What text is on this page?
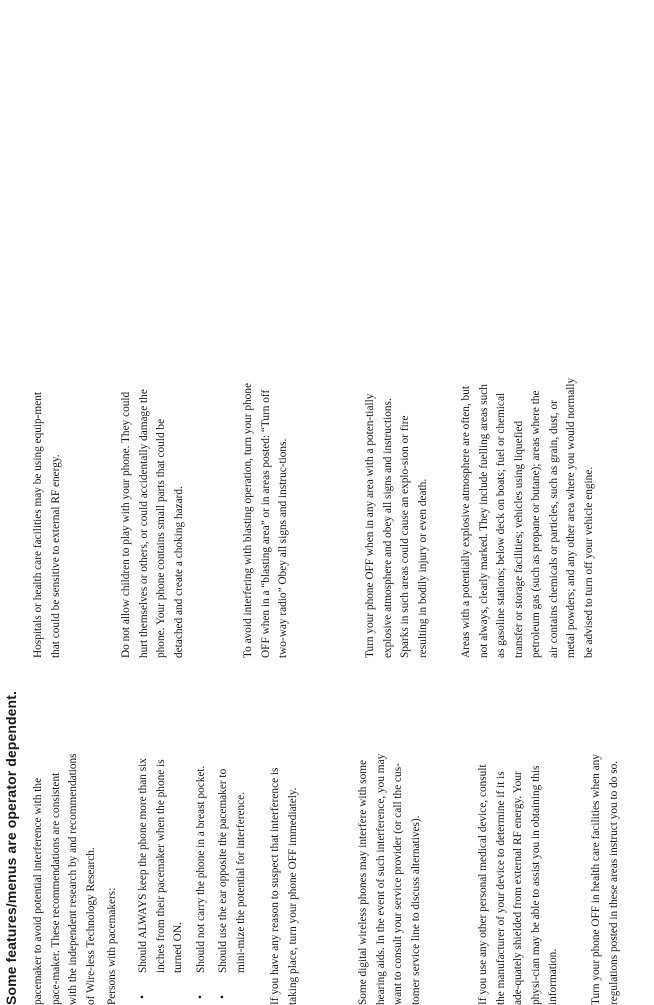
Some features/menus are operator dependent. pacemaker to avoid potential interference with the pace-maker. These recommendations are consistent with the independent research by and recommendations of Wire-less Technology Research. Persons with pacemakers:	• Should ALWAYS keep the phone more than six inches from their pacemaker when the phone is turned ON. • Should not carry the phone in a breast pocket. • Should use the ear opposite the pacemaker to mini-mize the potential for interference.	If you have any reason to suspect that interference is taking place, turn your phone OFF immediately.	Some digital wireless phones may interfere with some hearing aids. In the event of such interference, you may want to consult your service provider (or call the cus-tomer service line to discuss alternatives).	If you use any other personal medical device, consult the manufacturer of your device to determine if it is ade-quately shielded from external RF energy. Your physi-cian may be able to assist you in obtaining this information.	Turn your phone OFF in health care facilities when any regulations posted in these areas instruct you to do so.

Hospitals or health care facilities may be using equip-ment that could be sensitive to external RF energy.	Do not allow children to play with your phone. They could hurt themselves or others, or could accidentally damage the phone. Your phone contains small parts that could be detached and create a choking hazard.	To avoid interfering with blasting operation, turn your phone OFF when in a “blasting area” or in areas posted: “Turn off two-way radio” Obey all signs and instruc-tions.	Turn your phone OFF when in any area with a poten-tially explosive atmosphere and obey all signs and instructions. Sparks in such areas could cause an explo-sion or fire resulting in bodily injury or even death.	Areas with a potentially explosive atmosphere are often, but not always, clearly marked. They include fuelling areas such as gasoline stations; below deck on boats; fuel or chemical transfer or storage facilities; vehicles using liquefied petroleum gas (such as propane or butane); areas where the air contains chemicals or particles, such as grain, dust, or metal powders; and any other area where you would normally be advised to turn off your vehicle engine.
